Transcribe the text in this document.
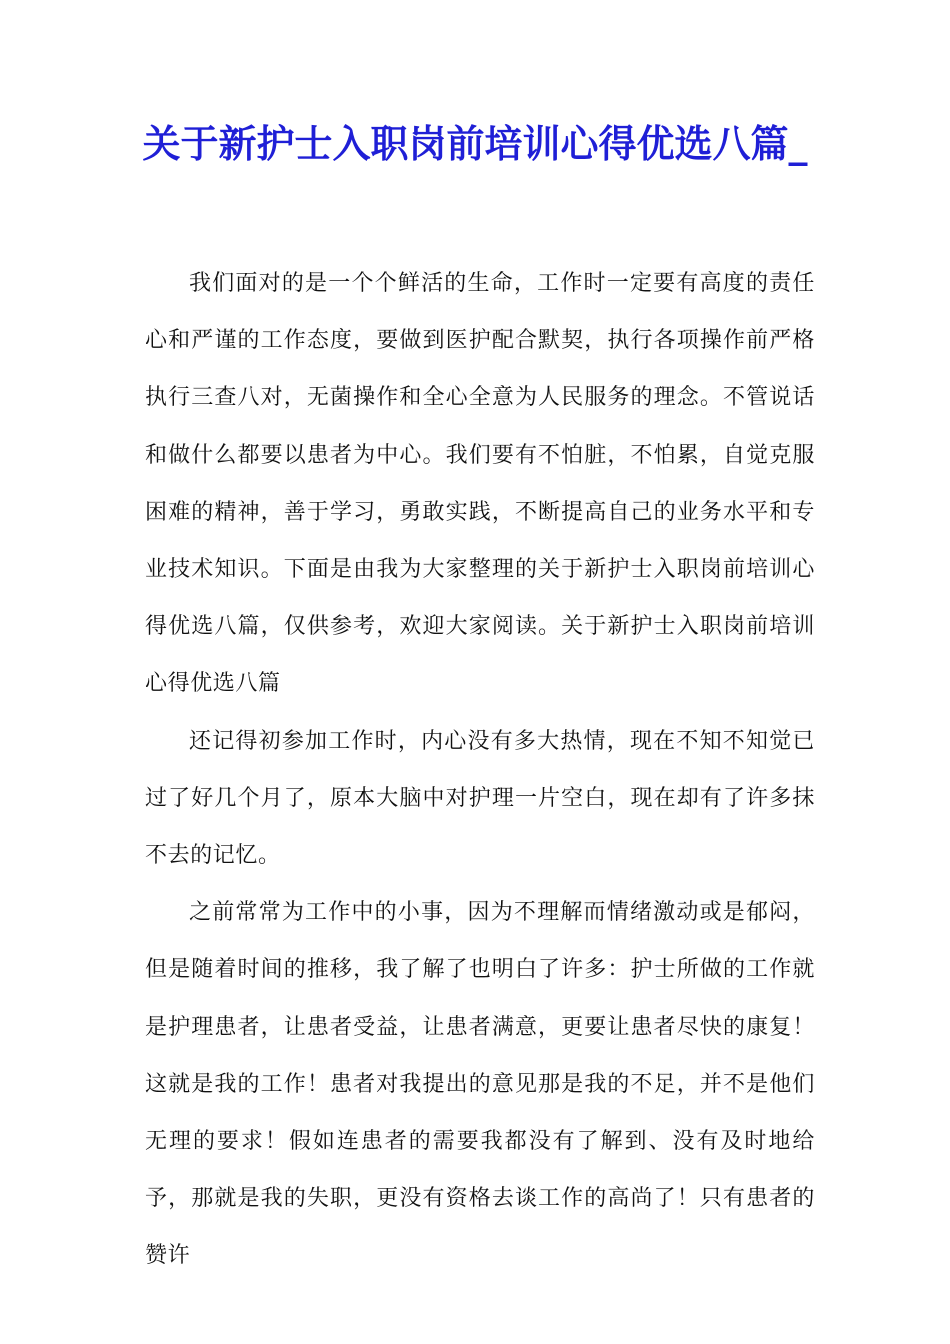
关于新护士入职岗前培训心得优选八篇_

我们面对的是一个个鲜活的生命，工作时一定要有高度的责任心和严谨的工作态度，要做到医护配合默契，执行各项操作前严格执行三查八对，无菌操作和全心全意为人民服务的理念。不管说话和做什么都要以患者为中心。我们要有不怕脏，不怕累，自觉克服困难的精神，善于学习，勇敢实践，不断提高自己的业务水平和专业技术知识。下面是由我为大家整理的关于新护士入职岗前培训心得优选八篇，仅供参考，欢迎大家阅读。关于新护士入职岗前培训心得优选八篇

还记得初参加工作时，内心没有多大热情，现在不知不知觉已过了好几个月了，原本大脑中对护理一片空白，现在却有了许多抹不去的记忆。

之前常常为工作中的小事，因为不理解而情绪激动或是郁闷，但是随着时间的推移，我了解了也明白了许多：护士所做的工作就是护理患者，让患者受益，让患者满意，更要让患者尽快的康复！这就是我的工作！患者对我提出的意见那是我的不足，并不是他们无理的要求！假如连患者的需要我都没有了解到、没有及时地给予，那就是我的失职，更没有资格去谈工作的高尚了！只有患者的赞许
